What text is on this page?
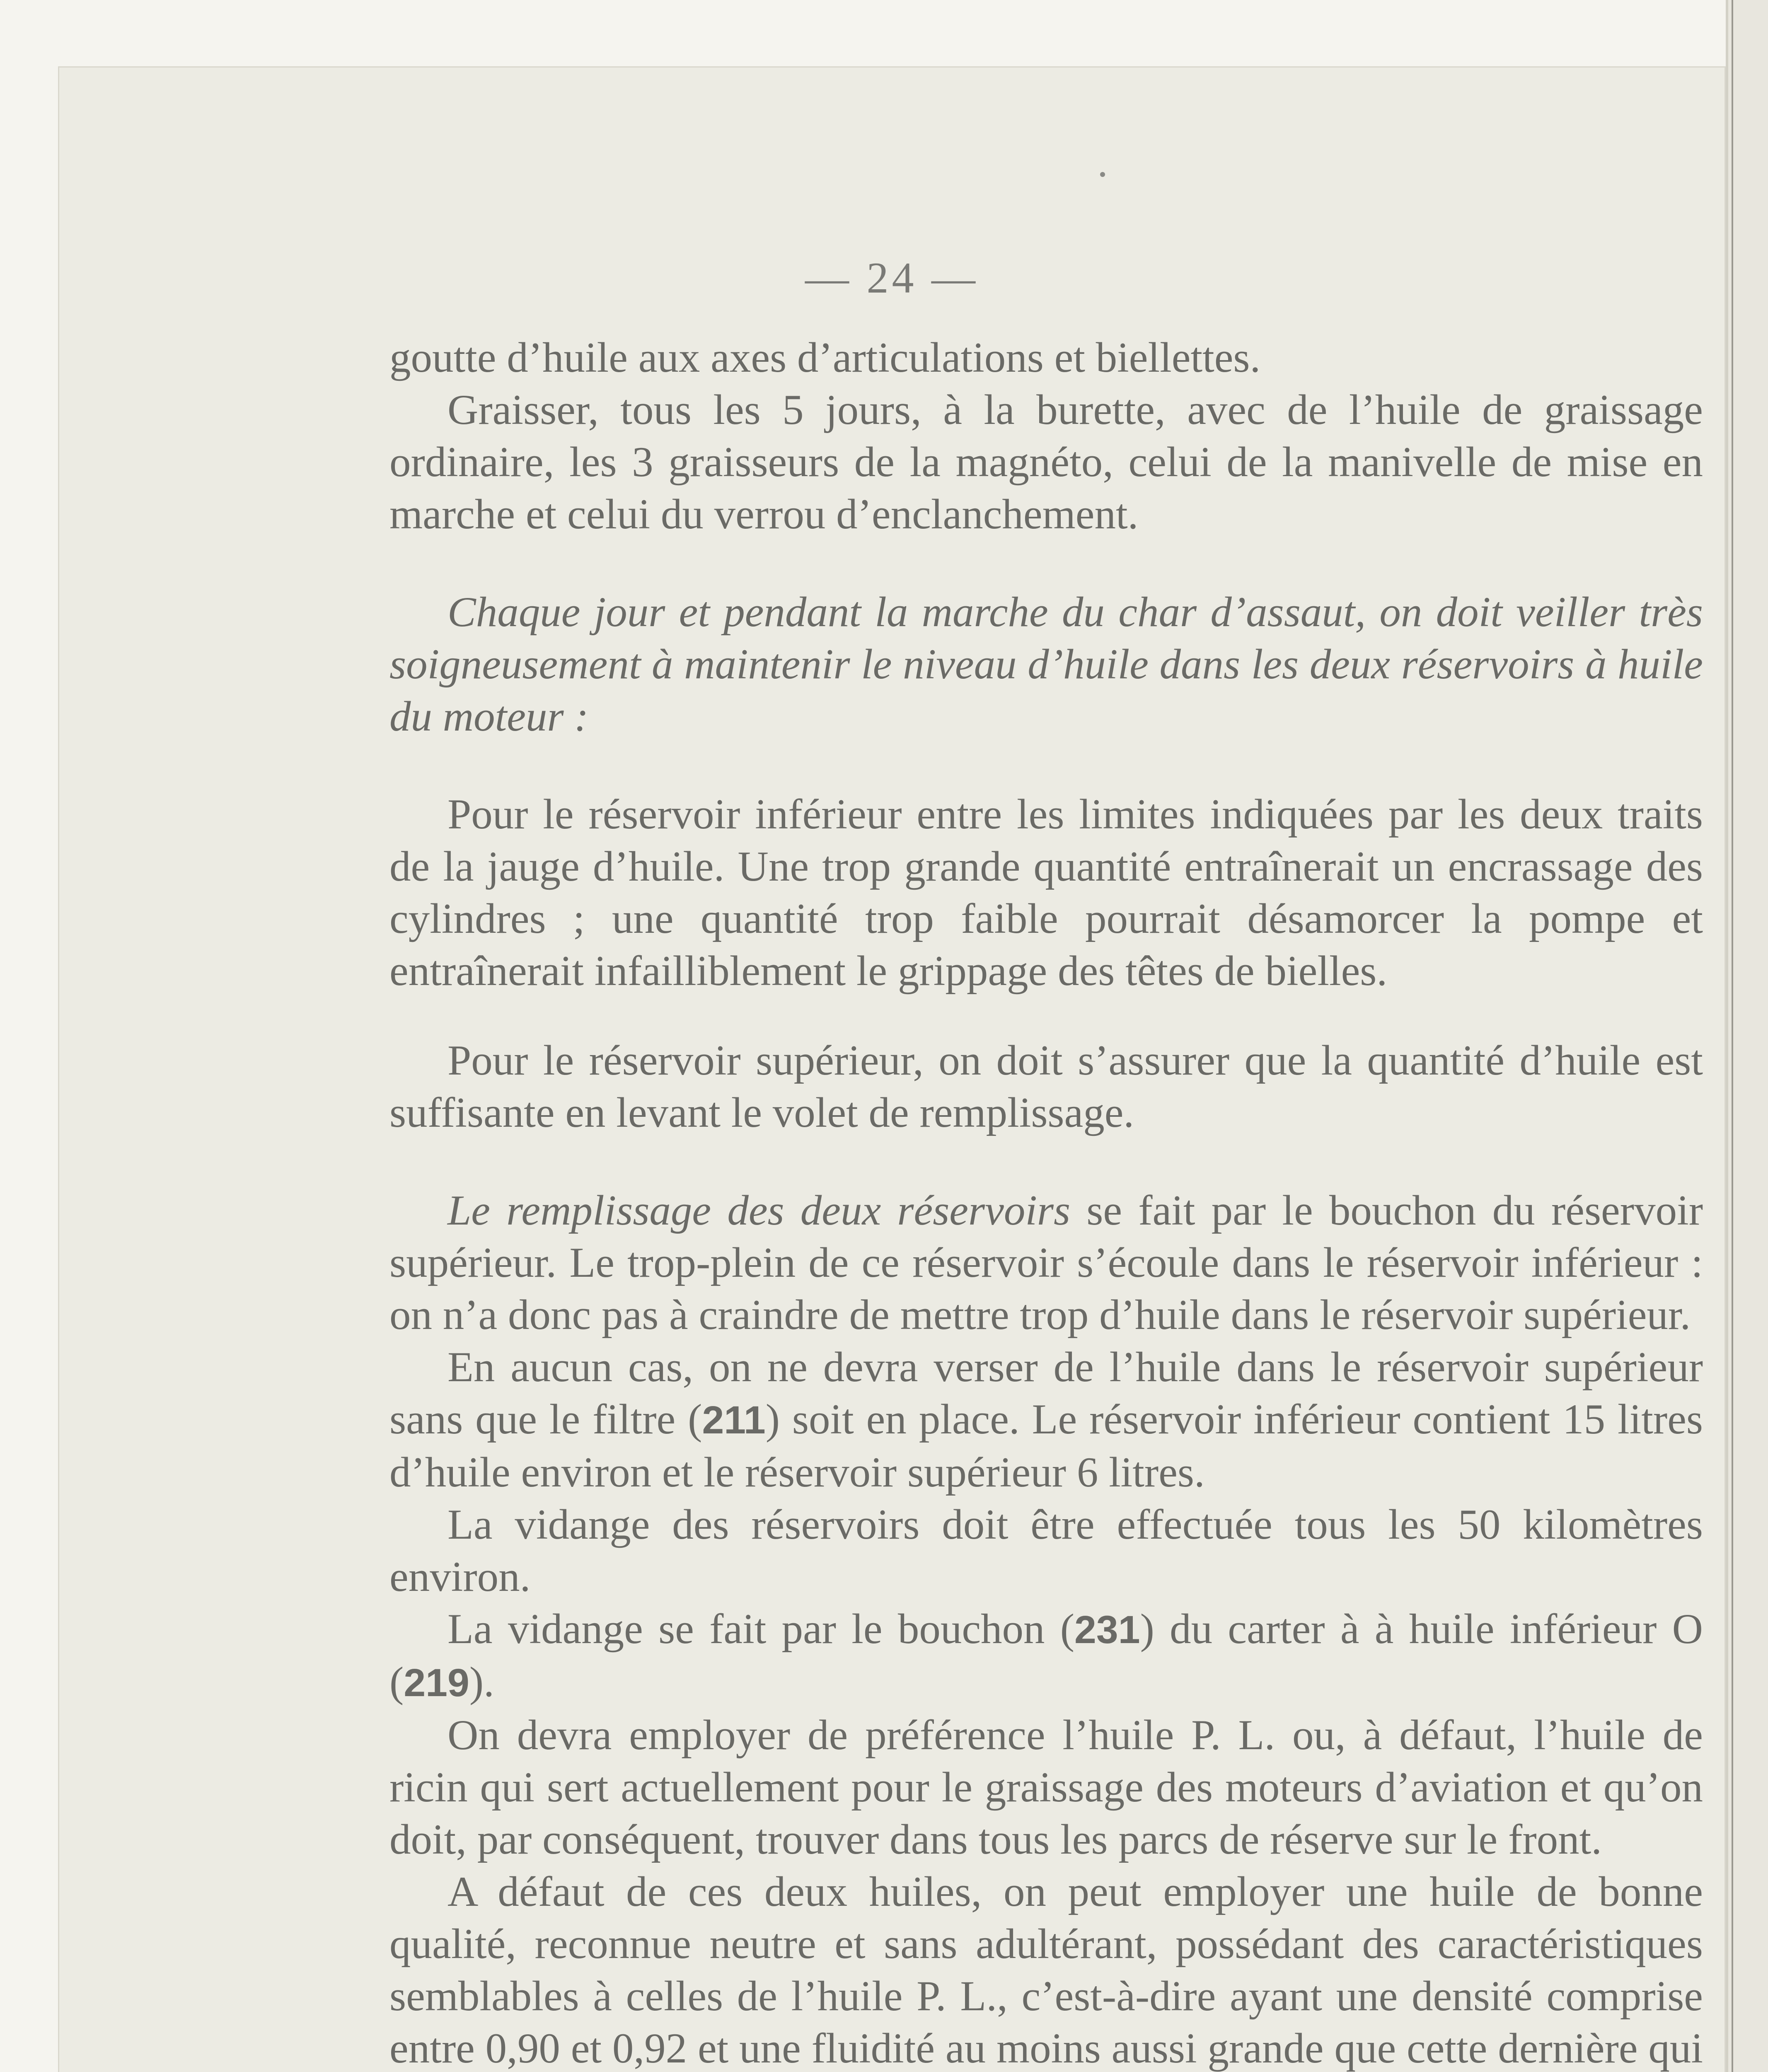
— 24 —

goutte d’huile aux axes d’articulations et biellettes.

Graisser, tous les 5 jours, à la burette, avec de l’huile de graissage ordinaire, les 3 graisseurs de la magnéto, celui de la manivelle de mise en marche et celui du verrou d’enclanchement.

Chaque jour et pendant la marche du char d’assaut, on doit veiller très soigneusement à maintenir le niveau d’huile dans les deux réservoirs à huile du moteur :

Pour le réservoir inférieur entre les limites indiquées par les deux traits de la jauge d’huile. Une trop grande quantité entraînerait un encrassage des cylindres ; une quantité trop faible pourrait désamorcer la pompe et entraînerait infailliblement le grippage des têtes de bielles.

Pour le réservoir supérieur, on doit s’assurer que la quantité d’huile est suffisante en levant le volet de remplissage.

Le remplissage des deux réservoirs se fait par le bouchon du réservoir supérieur. Le trop-plein de ce réservoir s’écoule dans le réservoir inférieur : on n’a donc pas à craindre de mettre trop d’huile dans le réservoir supérieur.

En aucun cas, on ne devra verser de l’huile dans le réservoir supérieur sans que le filtre (211) soit en place. Le réservoir inférieur contient 15 litres d’huile environ et le réservoir supérieur 6 litres.

La vidange des réservoirs doit être effectuée tous les 50 kilomètres environ.

La vidange se fait par le bouchon (231) du carter à à huile inférieur O (219).

On devra employer de préférence l’huile P. L. ou, à défaut, l’huile de ricin qui sert actuellement pour le graissage des moteurs d’aviation et qu’on doit, par conséquent, trouver dans tous les parcs de réserve sur le front.

A défaut de ces deux huiles, on peut employer une huile de bonne qualité, reconnue neutre et sans adultérant, possédant des caractéristiques semblables à celles de l’huile P. L., c’est-à-dire ayant une densité comprise entre 0,90 et 0,92 et une fluidité au moins aussi grande que cette dernière qui
